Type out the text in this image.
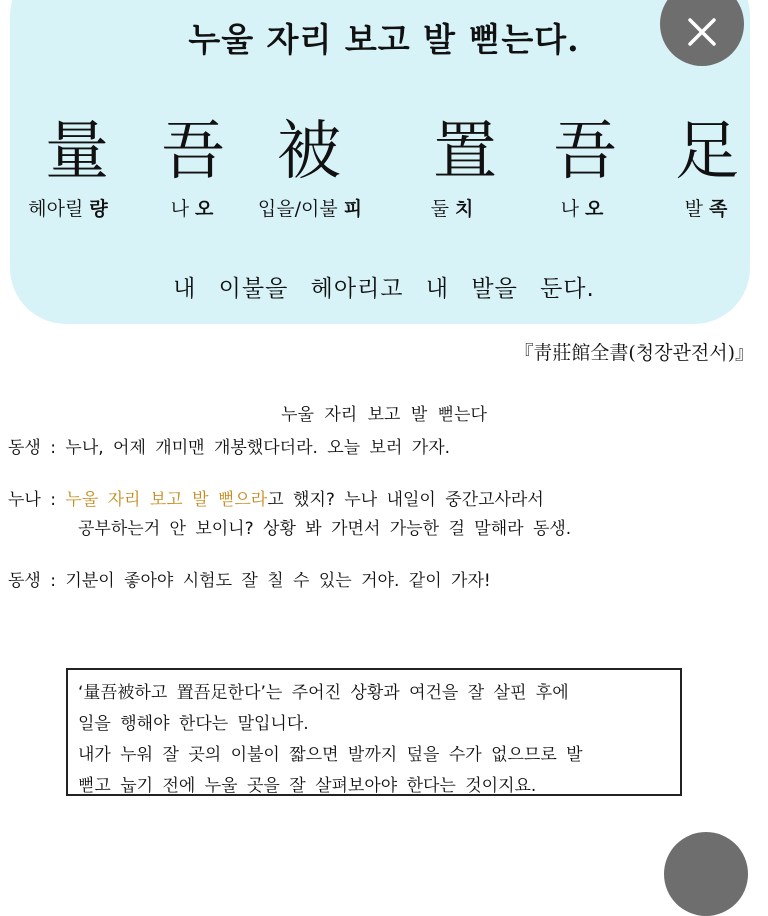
누울 자리 보고 발 뻗는다.
量 吾 被	置 吾 足
헤아릴 량	나 오	입을/이불 피	둘 치	나 오	발 족
내 이불을 헤아리고 내 발을 둔다.
『靑莊館全書(청장관전서)』
누울 자리 보고 발 뻗는다
동생 : 누나, 어제 개미맨 개봉했다더라. 오늘 보러 가자.
누나 : 누울 자리 보고 발 뻗으라고 했지? 누나 내일이 중간고사라서
공부하는거 안 보이니? 상황 봐 가면서 가능한 걸 말해라 동생.
동생 : 기분이 좋아야 시험도 잘 칠 수 있는 거야. 같이 가자!
‘量吾被하고 置吾足한다’는 주어진 상황과 여건을 잘 살핀 후에
일을 행해야 한다는 말입니다.
내가 누워 잘 곳의 이불이 짧으면 발까지 덮을 수가 없으므로 발
뻗고 눕기 전에 누울 곳을 잘 살펴보아야 한다는 것이지요.
